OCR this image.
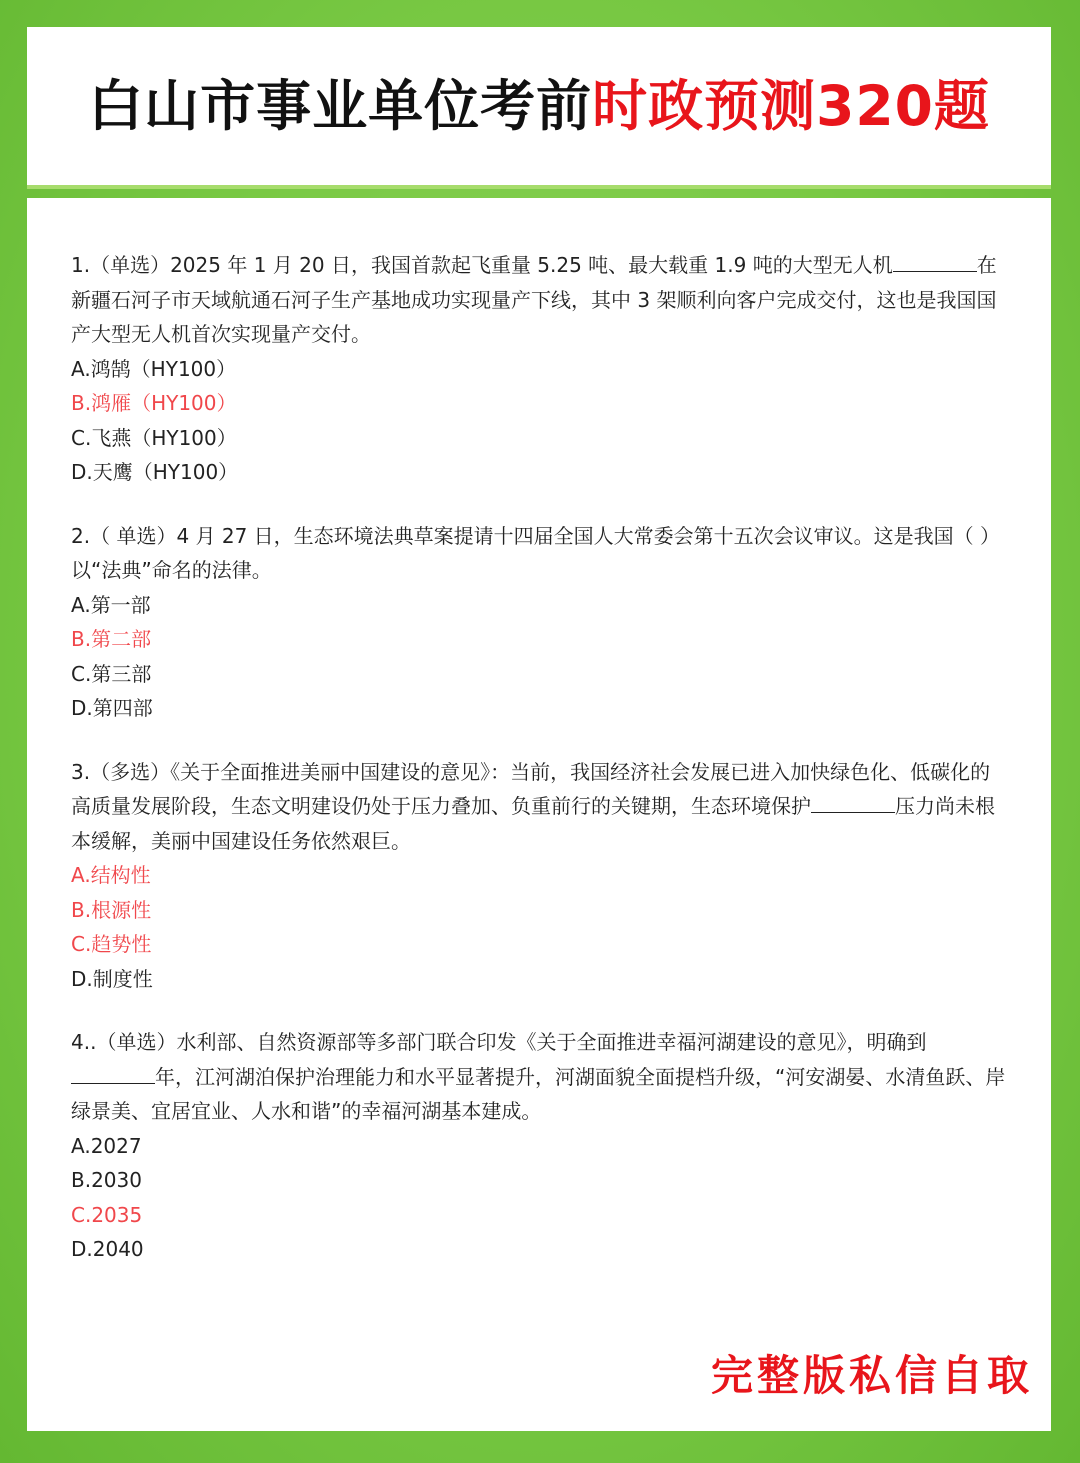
白山市事业单位考前时政预测320题

1.（单选）2025 年 1 月 20 日，我国首款起飞重量 5.25 吨、最大载重 1.9 吨的大型无人机	在新疆石河子市天域航通石河子生产基地成功实现量产下线，其中 3 架顺利向客户完成交付，这也是我国国产大型无人机首次实现量产交付。

A.鸿鹄（HY100）

B.鸿雁（HY100）

C.飞燕（HY100）

D.天鹰（HY100）

2.（ 单选）4 月 27 日，生态环境法典草案提请十四届全国人大常委会第十五次会议审议。这是我国（ ）以“法典”命名的法律。

A.第一部

B.第二部

C.第三部

D.第四部

3.（多选）《关于全面推进美丽中国建设的意见》：当前，我国经济社会发展已进入加快绿色化、低碳化的高质量发展阶段，生态文明建设仍处于压力叠加、负重前行的关键期，生态环境保护	压力尚未根本缓解，美丽中国建设任务依然艰巨。

A.结构性

B.根源性

C.趋势性

D.制度性

4..（单选）水利部、自然资源部等多部门联合印发《关于全面推进幸福河湖建设的意见》，明确到年，江河湖泊保护治理能力和水平显著提升，河湖面貌全面提档升级，“河安湖晏、水清鱼跃、岸绿景美、宜居宜业、人水和谐”的幸福河湖基本建成。

A.2027

B.2030

C.2035

D.2040

完整版私信自取
